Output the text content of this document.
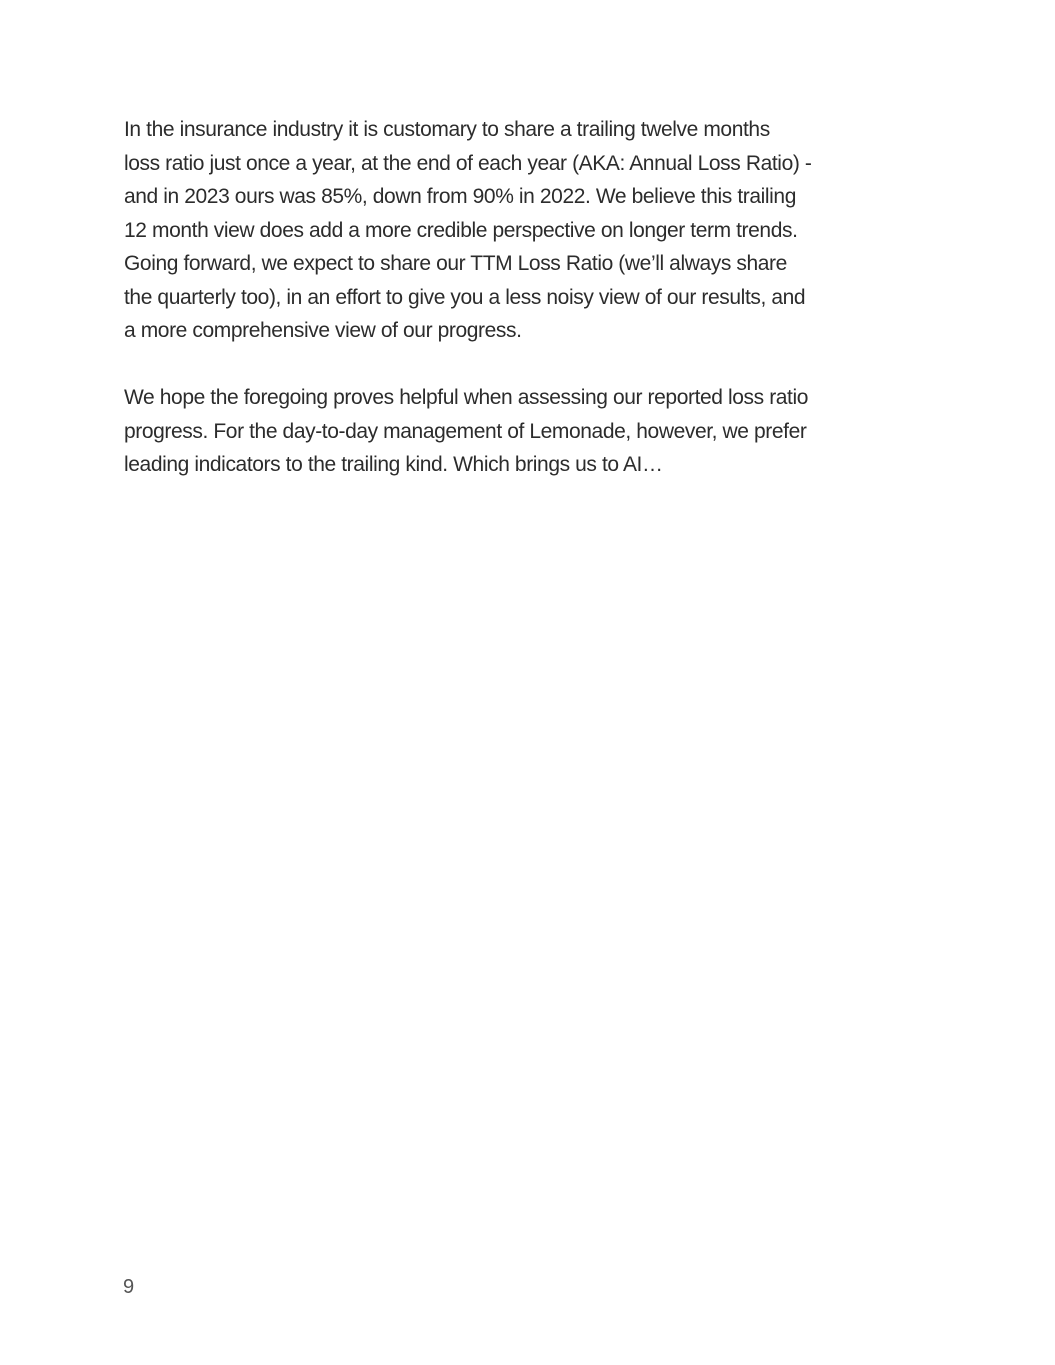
In the insurance industry it is customary to share a trailing twelve months
loss ratio just once a year, at the end of each year (AKA: Annual Loss Ratio) -
and in 2023 ours was 85%, down from 90% in 2022. We believe this trailing
12 month view does add a more credible perspective on longer term trends.
Going forward, we expect to share our TTM Loss Ratio (we’ll always share
the quarterly too), in an effort to give you a less noisy view of our results, and
a more comprehensive view of our progress.

We hope the foregoing proves helpful when assessing our reported loss ratio
progress. For the day-to-day management of Lemonade, however, we prefer
leading indicators to the trailing kind. Which brings us to AI…

9
